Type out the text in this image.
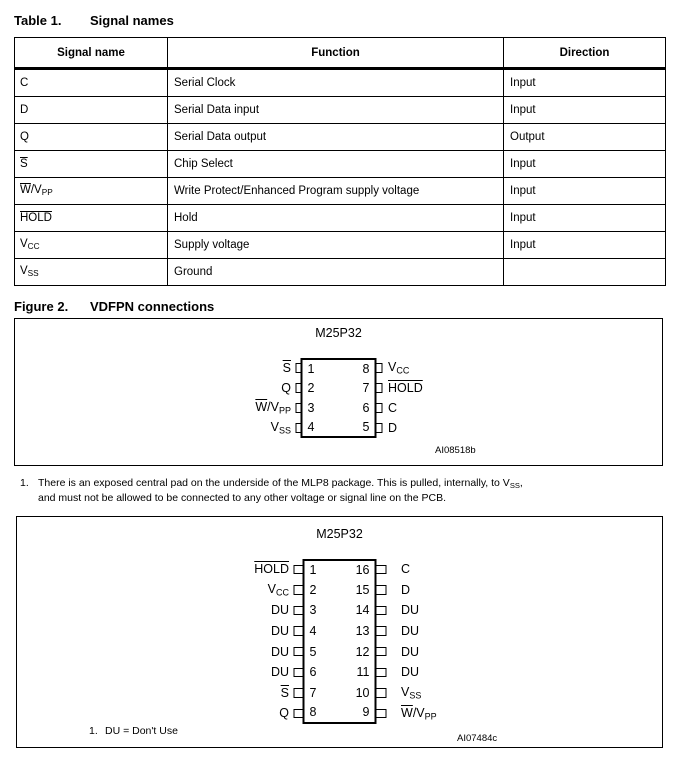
Table 1.	Signal names
Signal name	Function	Direction
C	Serial Clock	Input
D	Serial Data input	Input
Q	Serial Data output	Output
$\overline{S}$	Chip Select	Input
$\overline{W}/V_{PP}$	Write Protect/Enhanced Program supply voltage	Input
HOLD	Hold	Input
$V_{CC}$	Supply voltage	Input
$V_{SS}$	Ground	
Figure 2.	VDFPN connections
M25P32
$\overline{S}$	1	8	$V_{CC}$
Q	2	7	HOLD
$\overline{W}/V_{PP}$	3	6	C
$V_{SS}$	4	5	D
AI08518b
1. There is an exposed central pad on the underside of the MLP8 package. This is pulled, internally, to $V_{SS}$,
and must not be allowed to be connected to any other voltage or signal line on the PCB.
M25P32
HOLD	1	16	C
$V_{CC}$	2	15	D
DU	3	14	DU
DU	4	13	DU
DU	5	12	DU
DU	6	11	DU
$\overline{S}$	7	10	$V_{SS}$
Q	8	9	$\overline{W}/V_{PP}$
1. DU = Don't Use
AI07484c
